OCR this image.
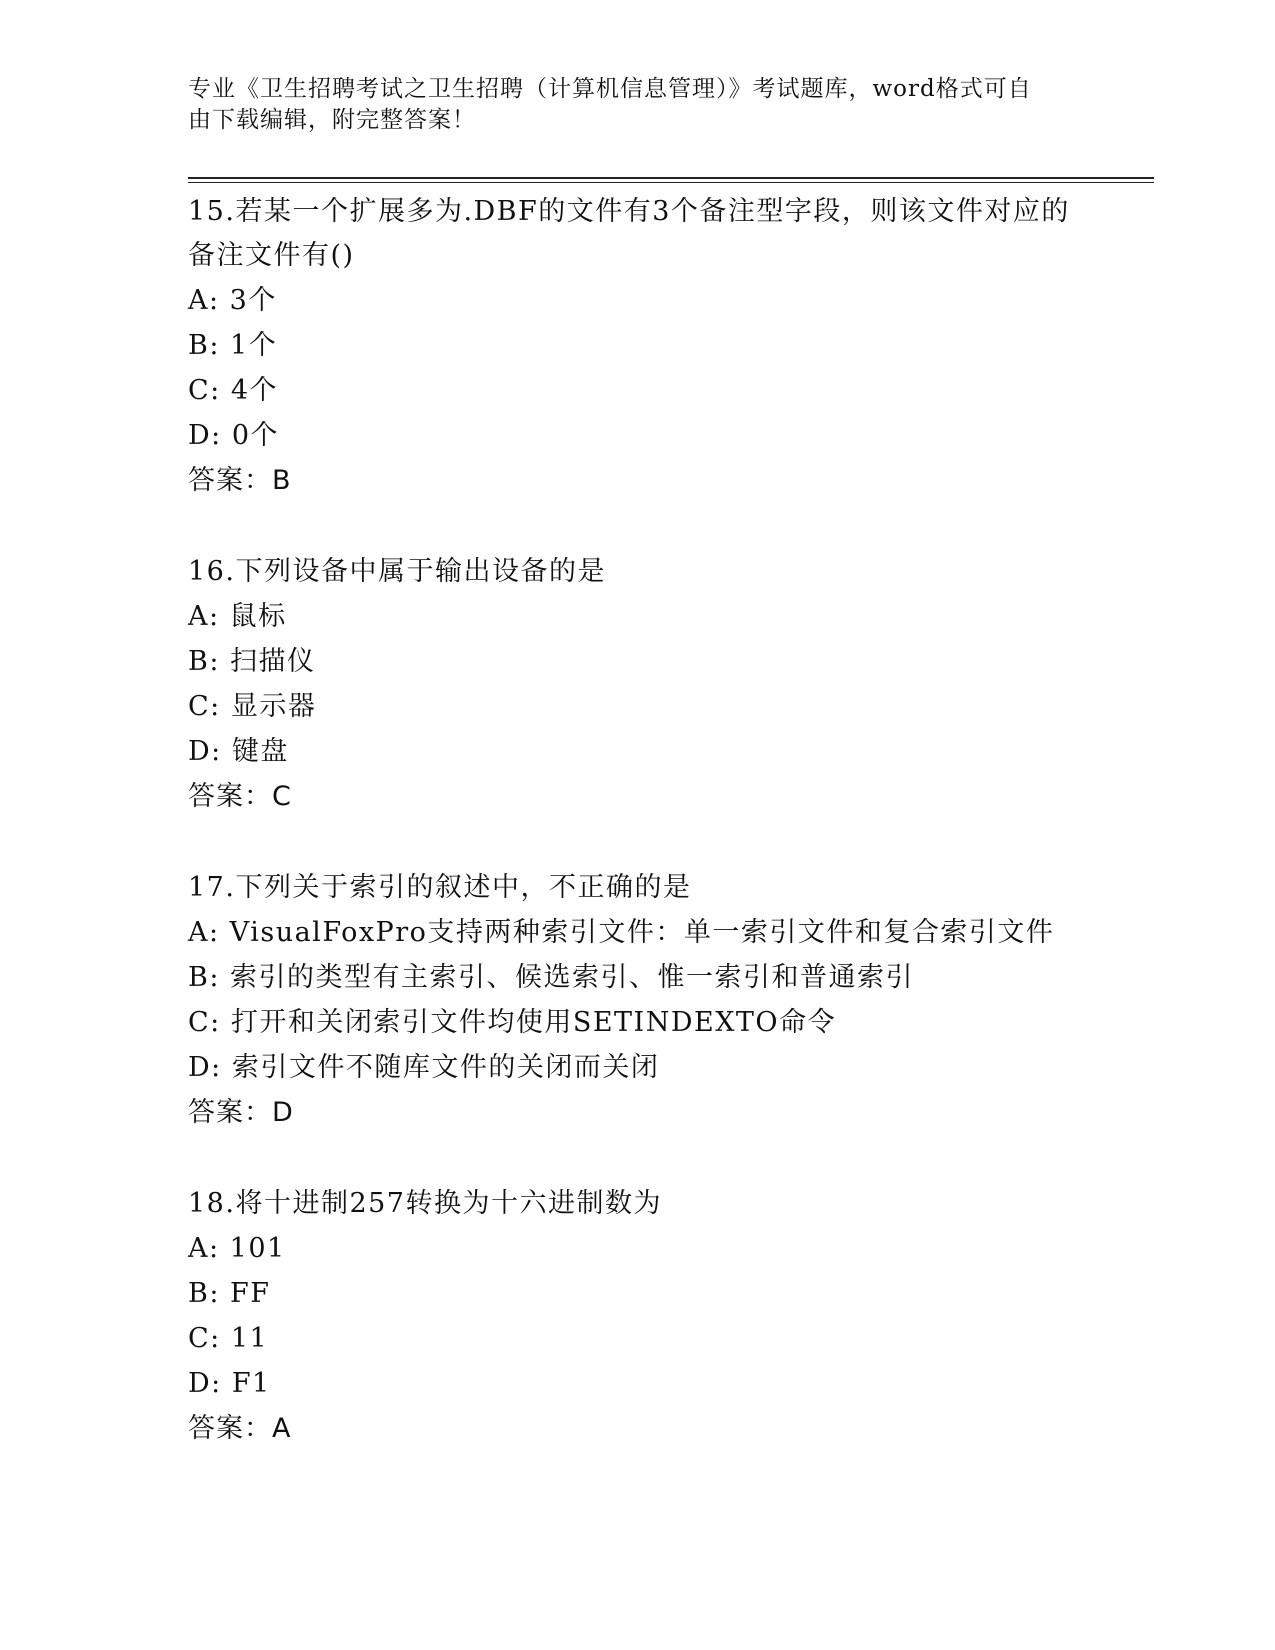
专业《卫生招聘考试之卫生招聘（计算机信息管理）》考试题库，word格式可自
由下载编辑，附完整答案！
15.若某一个扩展多为.DBF的文件有3个备注型字段，则该文件对应的
备注文件有()
A: 3个
B: 1个
C: 4个
D: 0个
答案：B
16.下列设备中属于输出设备的是
A: 鼠标
B: 扫描仪
C: 显示器
D: 键盘
答案：C
17.下列关于索引的叙述中，不正确的是
A: VisualFoxPro支持两种索引文件：单一索引文件和复合索引文件
B: 索引的类型有主索引、候选索引、惟一索引和普通索引
C: 打开和关闭索引文件均使用SETINDEXTO命令
D: 索引文件不随库文件的关闭而关闭
答案：D
18.将十进制257转换为十六进制数为
A: 101
B: FF
C: 11
D: F1
答案：A
